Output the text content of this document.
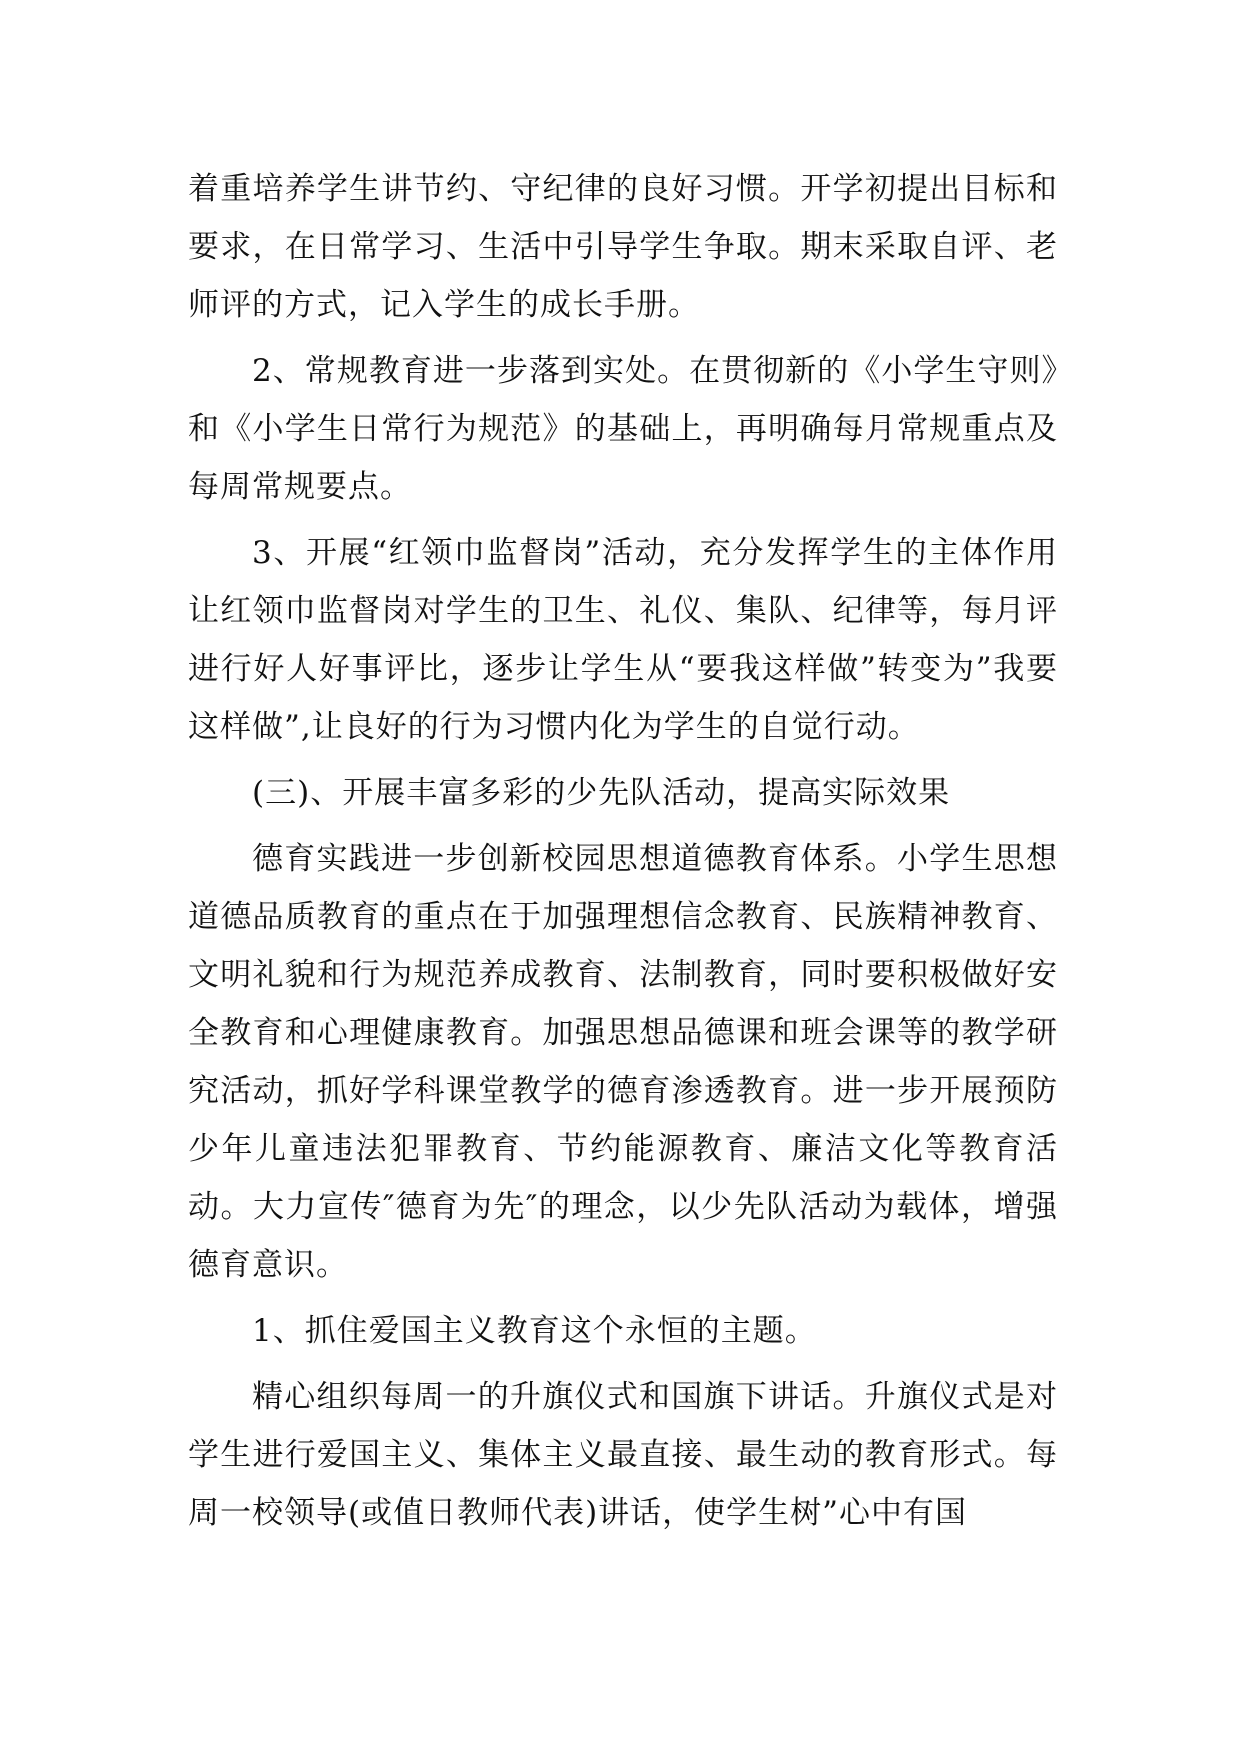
着重培养学生讲节约、守纪律的良好习惯。开学初提出目标和要求，在日常学习、生活中引导学生争取。期末采取自评、老师评的方式，记入学生的成长手册。

2、常规教育进一步落到实处。在贯彻新的《小学生守则》和《小学生日常行为规范》的基础上，再明确每月常规重点及每周常规要点。

3、开展“红领巾监督岗”活动，充分发挥学生的主体作用让红领巾监督岗对学生的卫生、礼仪、集队、纪律等，每月评进行好人好事评比，逐步让学生从“要我这样做”转变为”我要这样做”,让良好的行为习惯内化为学生的自觉行动。

(三)、开展丰富多彩的少先队活动，提高实际效果

德育实践进一步创新校园思想道德教育体系。小学生思想道德品质教育的重点在于加强理想信念教育、民族精神教育、文明礼貌和行为规范养成教育、法制教育，同时要积极做好安全教育和心理健康教育。加强思想品德课和班会课等的教学研究活动，抓好学科课堂教学的德育渗透教育。进一步开展预防少年儿童违法犯罪教育、节约能源教育、廉洁文化等教育活动。大力宣传″德育为先″的理念，以少先队活动为载体，增强德育意识。

1、抓住爱国主义教育这个永恒的主题。

精心组织每周一的升旗仪式和国旗下讲话。升旗仪式是对学生进行爱国主义、集体主义最直接、最生动的教育形式。每周一校领导(或值日教师代表)讲话，使学生树”心中有国
